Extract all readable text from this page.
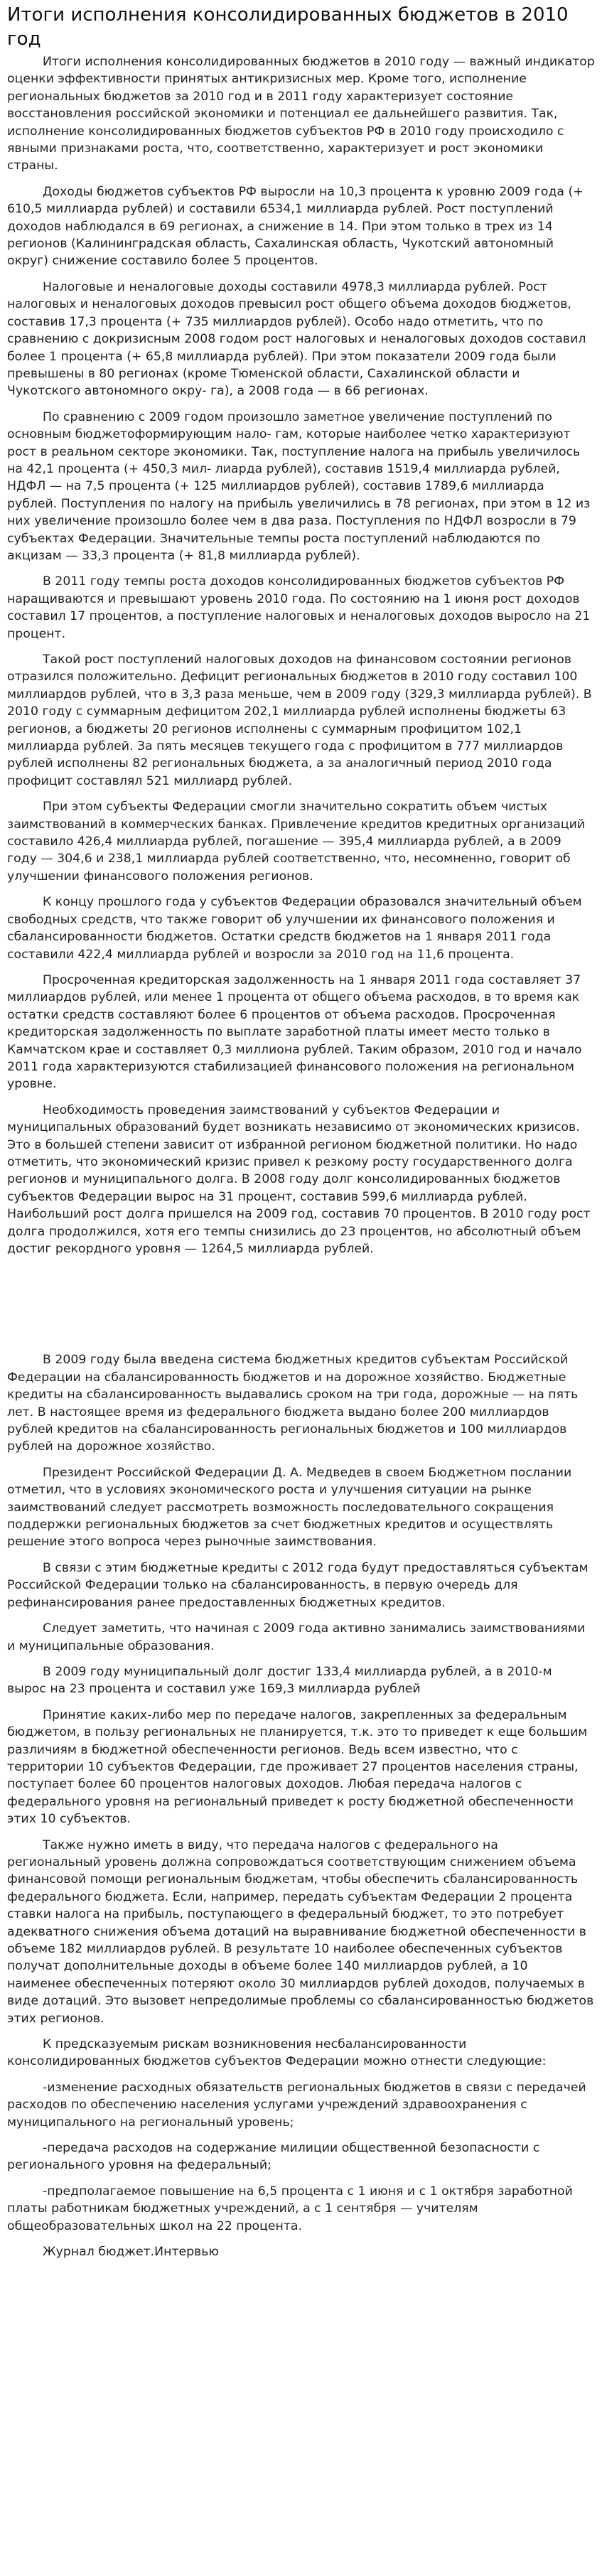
Итоги исполнения консолидированных бюджетов в 2010 год

Итоги исполнения консолидированных бюджетов в 2010 году — важный индикатор оценки эффективности принятых антикризисных мер. Кроме того, исполнение региональных бюджетов за 2010 год и в 2011 году характеризует состояние восстановления российской экономики и потенциал ее дальнейшего развития. Так, исполнение консолидированных бюджетов субъектов РФ в 2010 году происходило с явными признаками роста, что, соответственно, характеризует и рост экономики страны.

Доходы бюджетов субъектов РФ выросли на 10,3 процента к уровню 2009 года (+ 610,5 миллиарда рублей) и составили 6534,1 миллиарда рублей. Рост поступлений доходов наблюдался в 69 регионах, а снижение в 14. При этом только в трех из 14 регионов (Калининградская область, Сахалинская область, Чукотский автономный округ) снижение составило более 5 процентов.

Налоговые и неналоговые доходы составили 4978,3 миллиарда рублей. Рост налоговых и неналоговых доходов превысил рост общего объема доходов бюджетов, составив 17,3 процента (+ 735 миллиардов рублей). Особо надо отметить, что по сравнению с докризисным 2008 годом рост налоговых и неналоговых доходов составил более 1 процента (+ 65,8 миллиарда рублей). При этом показатели 2009 года были превышены в 80 регионах (кроме Тюменской области, Сахалинской области и Чукотского автономного окру- га), а 2008 года — в 66 регионах.

По сравнению с 2009 годом произошло заметное увеличение поступлений по основным бюджетоформирующим нало- гам, которые наиболее четко характеризуют рост в реальном секторе экономики. Так, поступление налога на прибыль увеличилось на 42,1 процента (+ 450,3 мил- лиарда рублей), составив 1519,4 миллиарда рублей, НДФЛ — на 7,5 процента (+ 125 миллиардов рублей), составив 1789,6 миллиарда рублей. Поступления по налогу на прибыль увеличились в 78 регионах, при этом в 12 из них увеличение произошло более чем в два раза. Поступления по НДФЛ возросли в 79 субъектах Федерации. Значительные темпы роста поступлений наблюдаются по акцизам — 33,3 процента (+ 81,8 миллиарда рублей).

В 2011 году темпы роста доходов консолидированных бюджетов субъектов РФ наращиваются и превышают уровень 2010 года. По состоянию на 1 июня рост доходов составил 17 процентов, а поступление налоговых и неналоговых доходов выросло на 21 процент.

Такой рост поступлений налоговых доходов на финансовом состоянии регионов отразился положительно. Дефицит региональных бюджетов в 2010 году составил 100 миллиардов рублей, что в 3,3 раза меньше, чем в 2009 году (329,3 миллиарда рублей). В 2010 году с суммарным дефицитом 202,1 миллиарда рублей исполнены бюджеты 63 регионов, а бюджеты 20 регионов исполнены с суммарным профицитом 102,1 миллиарда рублей. За пять месяцев текущего года с профицитом в 777 миллиардов рублей исполнены 82 региональных бюджета, а за аналогичный период 2010 года профицит составлял 521 миллиард рублей.

При этом субъекты Федерации смогли значительно сократить объем чистых заимствований в коммерческих банках. Привлечение кредитов кредитных организаций составило 426,4 миллиарда рублей, погашение — 395,4 миллиарда рублей, а в 2009 году — 304,6 и 238,1 миллиарда рублей соответственно, что, несомненно, говорит об улучшении финансового положения регионов.

К концу прошлого года у субъектов Федерации образовался значительный объем свободных средств, что также говорит об улучшении их финансового положения и сбалансированности бюджетов. Остатки средств бюджетов на 1 января 2011 года составили 422,4 миллиарда рублей и возросли за 2010 год на 11,6 процента.

Просроченная кредиторская задолженность на 1 января 2011 года составляет 37 миллиардов рублей, или менее 1 процента от общего объема расходов, в то время как остатки средств составляют более 6 процентов от объема расходов. Просроченная кредиторская задолженность по выплате заработной платы имеет место только в Камчатском крае и составляет 0,3 миллиона рублей. Таким образом, 2010 год и начало 2011 года характеризуются стабилизацией финансового положения на региональном уровне.

Необходимость проведения заимствований у субъектов Федерации и муниципальных образований будет возникать независимо от экономических кризисов. Это в большей степени зависит от избранной регионом бюджетной политики. Но надо отметить, что экономический кризис привел к резкому росту государственного долга регионов и муниципального долга. В 2008 году долг консолидированных бюджетов субъектов Федерации вырос на 31 процент, составив 599,6 миллиарда рублей. Наибольший рост долга пришелся на 2009 год, составив 70 процентов. В 2010 году рост долга продолжился, хотя его темпы снизились до 23 процентов, но абсолютный объем достиг рекордного уровня — 1264,5 миллиарда рублей.

В 2009 году была введена система бюджетных кредитов субъектам Российской Федерации на сбалансированность бюджетов и на дорожное хозяйство. Бюджетные кредиты на сбалансированность выдавались сроком на три года, дорожные — на пять лет. В настоящее время из федерального бюджета выдано более 200 миллиардов рублей кредитов на сбалансированность региональных бюджетов и 100 миллиардов рублей на дорожное хозяйство.

Президент Российской Федерации Д. А. Медведев в своем Бюджетном послании отметил, что в условиях экономического роста и улучшения ситуации на рынке заимствований следует рассмотреть возможность последовательного сокращения поддержки региональных бюджетов за счет бюджетных кредитов и осуществлять решение этого вопроса через рыночные заимствования.

В связи с этим бюджетные кредиты с 2012 года будут предоставляться субъектам Российской Федерации только на сбалансированность, в первую очередь для рефинансирования ранее предоставленных бюджетных кредитов.

Следует заметить, что начиная с 2009 года активно занимались заимствованиями и муниципальные образования.

В 2009 году муниципальный долг достиг 133,4 миллиарда рублей, а в 2010-м вырос на 23 процента и составил уже 169,3 миллиарда рублей

Принятие каких-либо мер по передаче налогов, закрепленных за федеральным бюджетом, в пользу региональных не планируется, т.к. это то приведет к еще большим различиям в бюджетной обеспеченности регионов. Ведь всем известно, что с территории 10 субъектов Федерации, где проживает 27 процентов населения страны, поступает более 60 процентов налоговых доходов. Любая передача налогов с федерального уровня на региональный приведет к росту бюджетной обеспеченности этих 10 субъектов.

Также нужно иметь в виду, что передача налогов с федерального на региональный уровень должна сопровождаться соответствующим снижением объема финансовой помощи региональным бюджетам, чтобы обеспечить сбалансированность федерального бюджета. Если, например, передать субъектам Федерации 2 процента ставки налога на прибыль, поступающего в федеральный бюджет, то это потребует адекватного снижения объема дотаций на выравнивание бюджетной обеспеченности в объеме 182 миллиардов рублей. В результате 10 наиболее обеспеченных субъектов получат дополнительные доходы в объеме более 140 миллиардов рублей, а 10 наименее обеспеченных потеряют около 30 миллиардов рублей доходов, получаемых в виде дотаций. Это вызовет непредолимые проблемы со сбалансированностью бюджетов этих регионов.

К предсказуемым рискам возникновения несбалансированности консолидированных бюджетов субъектов Федерации можно отнести следующие:

-изменение расходных обязательств региональных бюджетов в связи с передачей расходов по обеспечению населения услугами учреждений здравоохранения с муниципального на региональный уровень;

-передача расходов на содержание милиции общественной безопасности с регионального уровня на федеральный;

-предполагаемое повышение на 6,5 процента с 1 июня и с 1 октября заработной платы работникам бюджетных учреждений, а с 1 сентября — учителям общеобразовательных школ на 22 процента.

Журнал бюджет.Интервью
